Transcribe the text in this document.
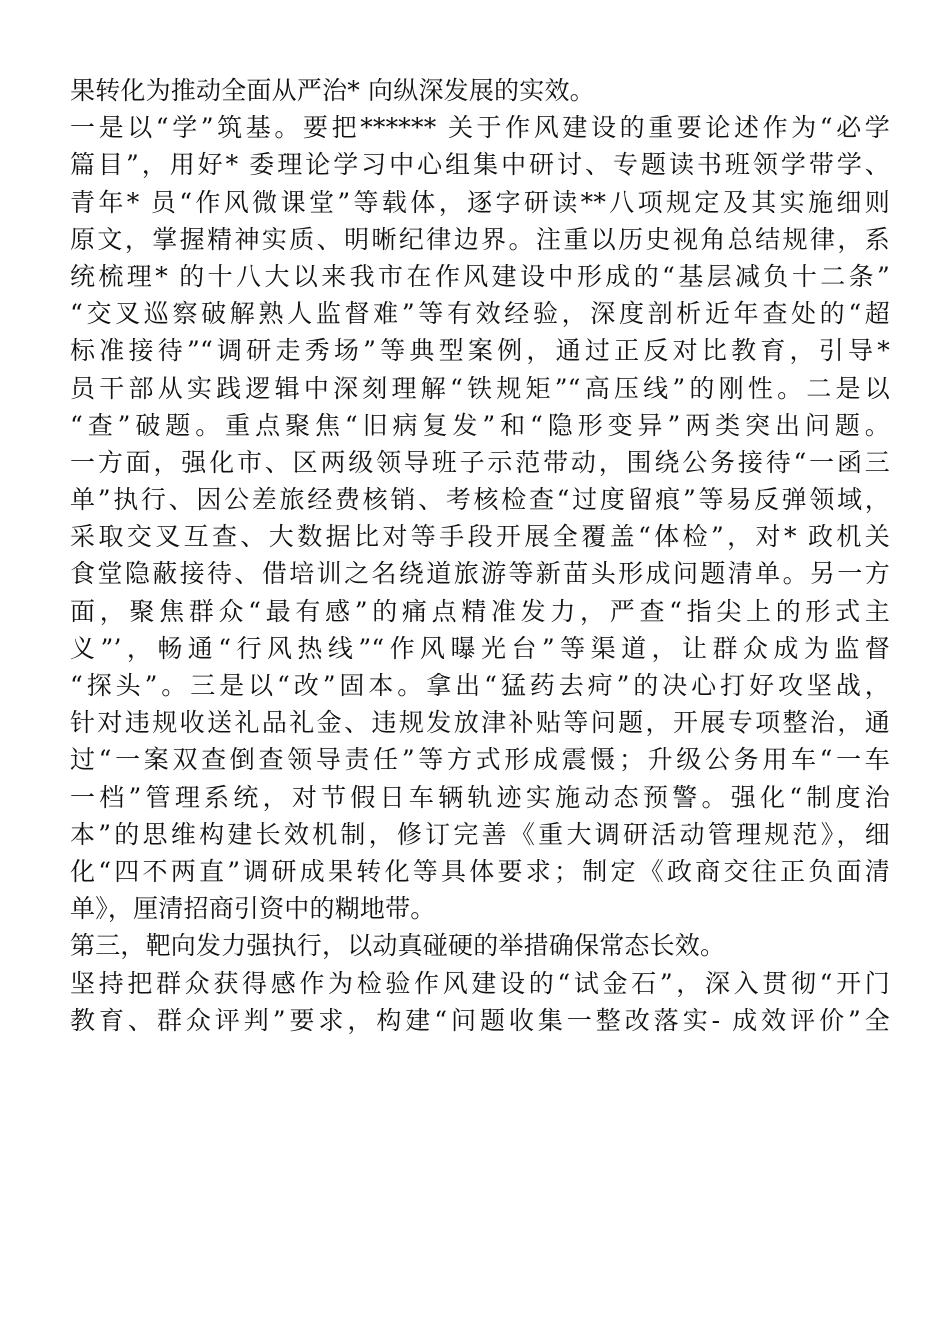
果转化为推动全面从严治* 向纵深发展的实效。
一是以“学”筑基。要把****** 关于作风建设的重要论述作为“必学
篇目”，用好* 委理论学习中心组集中研讨、专题读书班领学带学、
青年* 员“作风微课堂”等载体，逐字研读**八项规定及其实施细则
原文，掌握精神实质、明晰纪律边界。注重以历史视角总结规律，系
统梳理* 的十八大以来我市在作风建设中形成的“基层减负十二条”
“交叉巡察破解熟人监督难”等有效经验，深度剖析近年查处的“超
标准接待”“调研走秀场”等典型案例，通过正反对比教育，引导*
员干部从实践逻辑中深刻理解“铁规矩”“高压线”的刚性。二是以
“查”破题。重点聚焦“旧病复发”和“隐形变异”两类突出问题。
一方面，强化市、区两级领导班子示范带动，围绕公务接待“一函三
单”执行、因公差旅经费核销、考核检查“过度留痕”等易反弹领域，
采取交叉互查、大数据比对等手段开展全覆盖“体检”，对* 政机关
食堂隐蔽接待、借培训之名绕道旅游等新苗头形成问题清单。另一方
面，聚焦群众“最有感”的痛点精准发力，严查“指尖上的形式主
义”’，畅通“行风热线”“作风曝光台”等渠道，让群众成为监督
“探头”。三是以“改”固本。拿出“猛药去疴”的决心打好攻坚战，
针对违规收送礼品礼金、违规发放津补贴等问题，开展专项整治，通
过“一案双查倒查领导责任”等方式形成震慑；升级公务用车“一车
一档”管理系统，对节假日车辆轨迹实施动态预警。强化“制度治
本”的思维构建长效机制，修订完善《重大调研活动管理规范》，细
化“四不两直”调研成果转化等具体要求；制定《政商交往正负面清
单》，厘清招商引资中的糊地带。
第三，靶向发力强执行，以动真碰硬的举措确保常态长效。
坚持把群众获得感作为检验作风建设的“试金石”，深入贯彻“开门
教育、群众评判”要求，构建“问题收集一整改落实- 成效评价”全
